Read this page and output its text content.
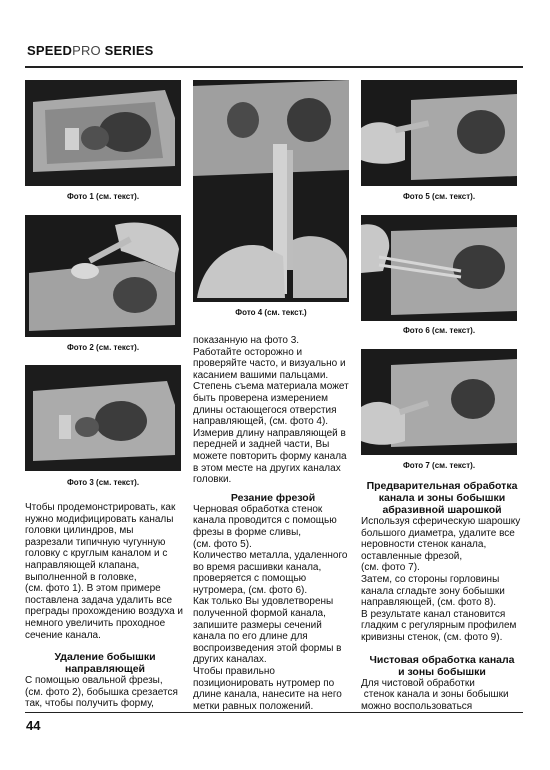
SPEEDPRO SERIES
Фото 1 (см. текст).
Фото 2 (см. текст).
Фото 3 (см. текст).
Фото 4 (см. текст.)
Фото 5 (см. текст).
Фото 6 (см. текст).
Фото 7 (см. текст).

Чтобы продемонстрировать, как

нужно модифицировать каналы

головки цилиндров, мы

разрезали типичную чугунную

головку с круглым каналом и с

направляющей клапана,

выполненной в головке,

(см. фото 1). В этом примере

поставлена задача удалить все

преграды прохождению воздуха и

немного увеличить проходное

сечение канала.

Удаление бобышки
направляющей

С помощью овальной фрезы,

(см. фото 2), бобышка срезается

так, чтобы получить форму,

показанную на фото 3.

Работайте осторожно и

проверяйте часто, и визуально и

касанием вашими пальцами.

Степень съема материала может

быть проверена измерением

длины остающегося отверстия

направляющей, (см. фото 4).

Измерив длину направляющей в

передней и задней части, Вы

можете повторить форму канала

в этом месте на других каналах

головки.

Резание фрезой

Черновая обработка стенок

канала проводится с помощью

фрезы в форме сливы,

(см. фото 5).

Количество металла, удаленного

во время расшивки канала,

проверяется с помощью

нутромера, (см. фото 6).

Как только Вы удовлетворены

полученной формой канала,

запишите размеры сечений

канала по его длине для

воспроизведения этой формы в

других каналах.

Чтобы правильно

позиционировать нутромер по

длине канала, нанесите на него

метки равных положений.

Предварительная обработка
канала и зоны бобышки
абразивной шарошкой

Используя сферическую шарошку

большого диаметра, удалите все

неровности стенок канала,

оставленные фрезой,

(см. фото 7).

Затем, со стороны горловины

канала сгладьте зону бобышки

направляющей, (см. фото 8).

В результате канал становится

гладким с регулярным профилем

кривизны стенок, (см. фото 9).

Чистовая обработка канала
и зоны бобышки

Для чистовой обработки

стенок канала и зоны бобышки

можно воспользоваться

44
